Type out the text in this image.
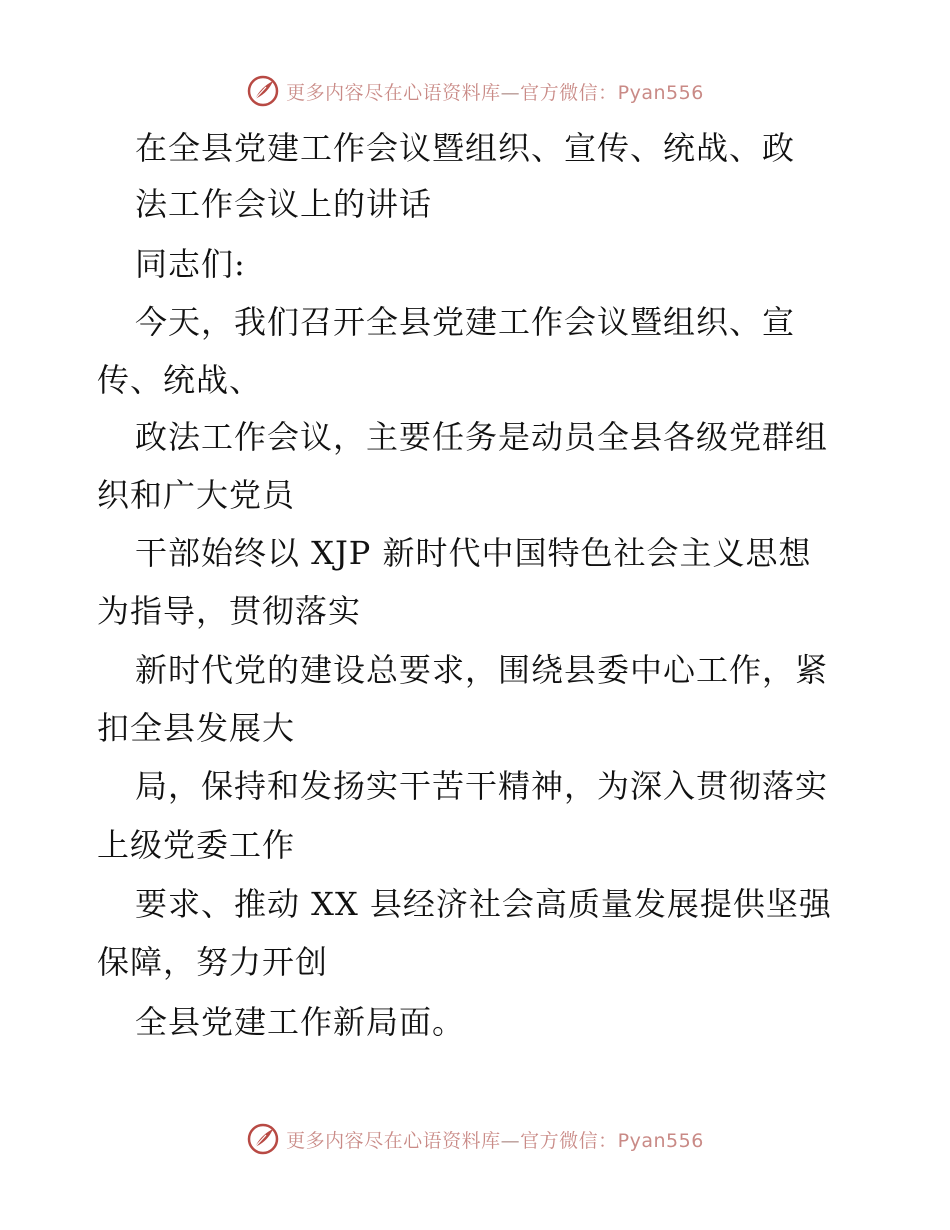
更多内容尽在心语资料库—官方微信：Pyan556
在全县党建工作会议暨组织、宣传、统战、政
法工作会议上的讲话
同志们:
今天，我们召开全县党建工作会议暨组织、宣
传、统战、
政法工作会议，主要任务是动员全县各级党群组
织和广大党员
干部始终以 XJP 新时代中国特色社会主义思想
为指导，贯彻落实
新时代党的建设总要求，围绕县委中心工作，紧
扣全县发展大
局，保持和发扬实干苦干精神，为深入贯彻落实
上级党委工作
要求、推动 XX 县经济社会高质量发展提供坚强
保障，努力开创
全县党建工作新局面。
更多内容尽在心语资料库—官方微信：Pyan556
